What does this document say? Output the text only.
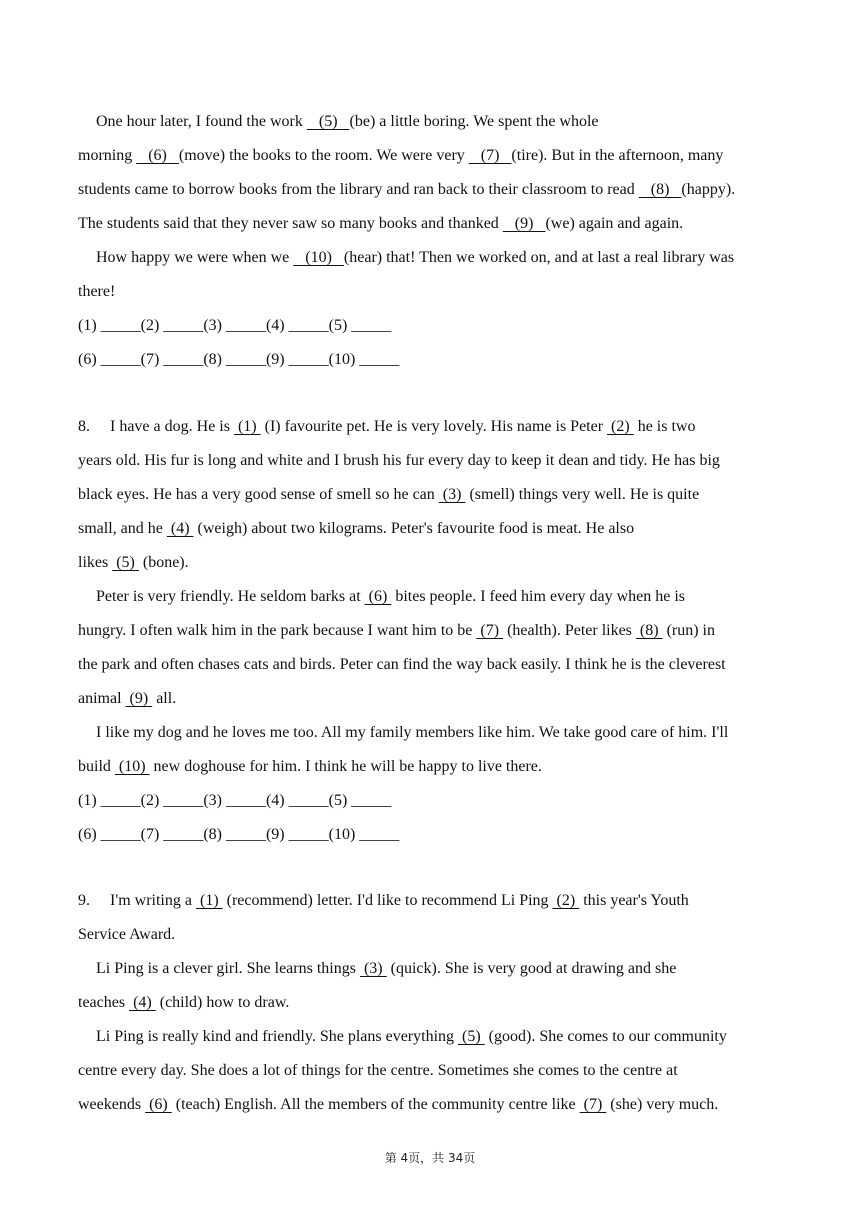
One hour later, I found the work    (5)   (be) a little boring. We spent the whole
morning    (6)   (move) the books to the room. We were very    (7)   (tire). But in the afternoon, many
students came to borrow books from the library and ran back to their classroom to read    (8)   (happy).
The students said that they never saw so many books and thanked    (9)   (we) again and again.
How happy we were when we    (10)   (hear) that! Then we worked on, and at last a real library was
there!
(1) _____(2) _____(3) _____(4) _____(5) _____
(6) _____(7) _____(8) _____(9) _____(10) _____
8.     I have a dog. He is  (1)  (I) favourite pet. He is very lovely. His name is Peter  (2)  he is two
years old. His fur is long and white and I brush his fur every day to keep it dean and tidy. He has big
black eyes. He has a very good sense of smell so he can  (3)  (smell) things very well. He is quite
small, and he  (4)  (weigh) about two kilograms. Peter's favourite food is meat. He also
likes  (5)  (bone).
Peter is very friendly. He seldom barks at  (6)  bites people. I feed him every day when he is
hungry. I often walk him in the park because I want him to be  (7)  (health). Peter likes  (8)  (run) in
the park and often chases cats and birds. Peter can find the way back easily. I think he is the cleverest
animal  (9)  all.
I like my dog and he loves me too. All my family members like him. We take good care of him. I'll
build  (10)  new doghouse for him. I think he will be happy to live there.
(1) _____(2) _____(3) _____(4) _____(5) _____
(6) _____(7) _____(8) _____(9) _____(10) _____
9.     I'm writing a  (1)  (recommend) letter. I'd like to recommend Li Ping  (2)  this year's Youth
Service Award.
Li Ping is a clever girl. She learns things  (3)  (quick). She is very good at drawing and she
teaches  (4)  (child) how to draw.
Li Ping is really kind and friendly. She plans everything  (5)  (good). She comes to our community
centre every day. She does a lot of things for the centre. Sometimes she comes to the centre at
weekends  (6)  (teach) English. All the members of the community centre like  (7)  (she) very much.
第 4页，共 34页
